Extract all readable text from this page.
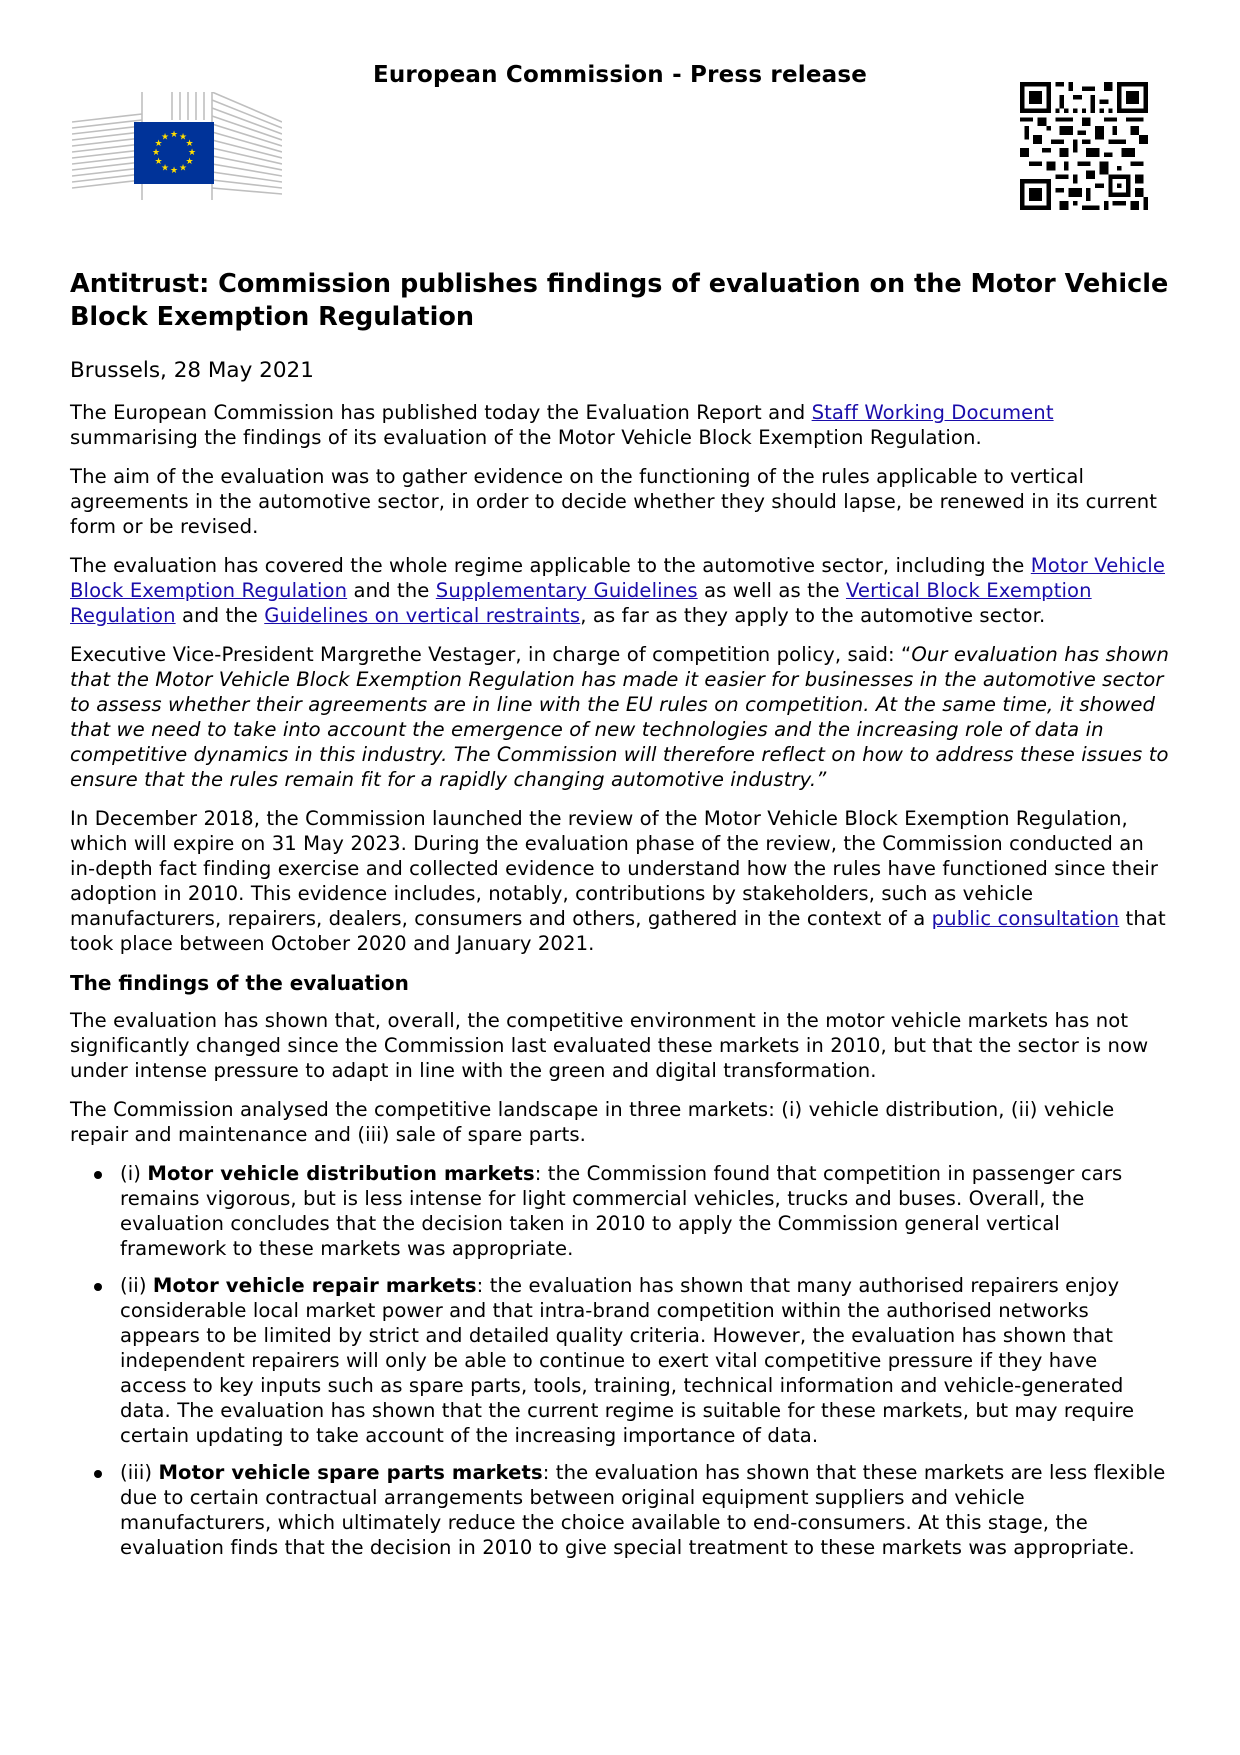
European Commission - Press release
★ ★
★
★
★
★
★
★
★
★
★
★
Antitrust: Commission publishes findings of evaluation on the Motor Vehicle Block Exemption Regulation
Brussels, 28 May 2021

The European Commission has published today the Evaluation Report and Staff Working Document summarising the findings of its evaluation of the Motor Vehicle Block Exemption Regulation.

The aim of the evaluation was to gather evidence on the functioning of the rules applicable to vertical agreements in the automotive sector, in order to decide whether they should lapse, be renewed in its current form or be revised.

The evaluation has covered the whole regime applicable to the automotive sector, including the Motor Vehicle Block Exemption Regulation and the Supplementary Guidelines as well as the Vertical Block Exemption Regulation and the Guidelines on vertical restraints, as far as they apply to the automotive sector.

Executive Vice-President Margrethe Vestager, in charge of competition policy, said: “Our evaluation has shown that the Motor Vehicle Block Exemption Regulation has made it easier for businesses in the automotive sector to assess whether their agreements are in line with the EU rules on competition. At the same time, it showed that we need to take into account the emergence of new technologies and the increasing role of data in competitive dynamics in this industry. The Commission will therefore reflect on how to address these issues to ensure that the rules remain fit for a rapidly changing automotive industry.”

In December 2018, the Commission launched the review of the Motor Vehicle Block Exemption Regulation, which will expire on 31 May 2023. During the evaluation phase of the review, the Commission conducted an in-depth fact finding exercise and collected evidence to understand how the rules have functioned since their adoption in 2010. This evidence includes, notably, contributions by stakeholders, such as vehicle manufacturers, repairers, dealers, consumers and others, gathered in the context of a public consultation that took place between October 2020 and January 2021.

The findings of the evaluation

The evaluation has shown that, overall, the competitive environment in the motor vehicle markets has not significantly changed since the Commission last evaluated these markets in 2010, but that the sector is now under intense pressure to adapt in line with the green and digital transformation.

The Commission analysed the competitive landscape in three markets: (i) vehicle distribution, (ii) vehicle repair and maintenance and (iii) sale of spare parts.

(i) Motor vehicle distribution markets: the Commission found that competition in passenger cars remains vigorous, but is less intense for light commercial vehicles, trucks and buses. Overall, the evaluation concludes that the decision taken in 2010 to apply the Commission general vertical framework to these markets was appropriate.
(ii) Motor vehicle repair markets: the evaluation has shown that many authorised repairers enjoy considerable local market power and that intra-brand competition within the authorised networks appears to be limited by strict and detailed quality criteria. However, the evaluation has shown that independent repairers will only be able to continue to exert vital competitive pressure if they have access to key inputs such as spare parts, tools, training, technical information and vehicle-generated data. The evaluation has shown that the current regime is suitable for these markets, but may require certain updating to take account of the increasing importance of data.
(iii) Motor vehicle spare parts markets: the evaluation has shown that these markets are less flexible due to certain contractual arrangements between original equipment suppliers and vehicle manufacturers, which ultimately reduce the choice available to end-consumers. At this stage, the evaluation finds that the decision in 2010 to give special treatment to these markets was appropriate.
